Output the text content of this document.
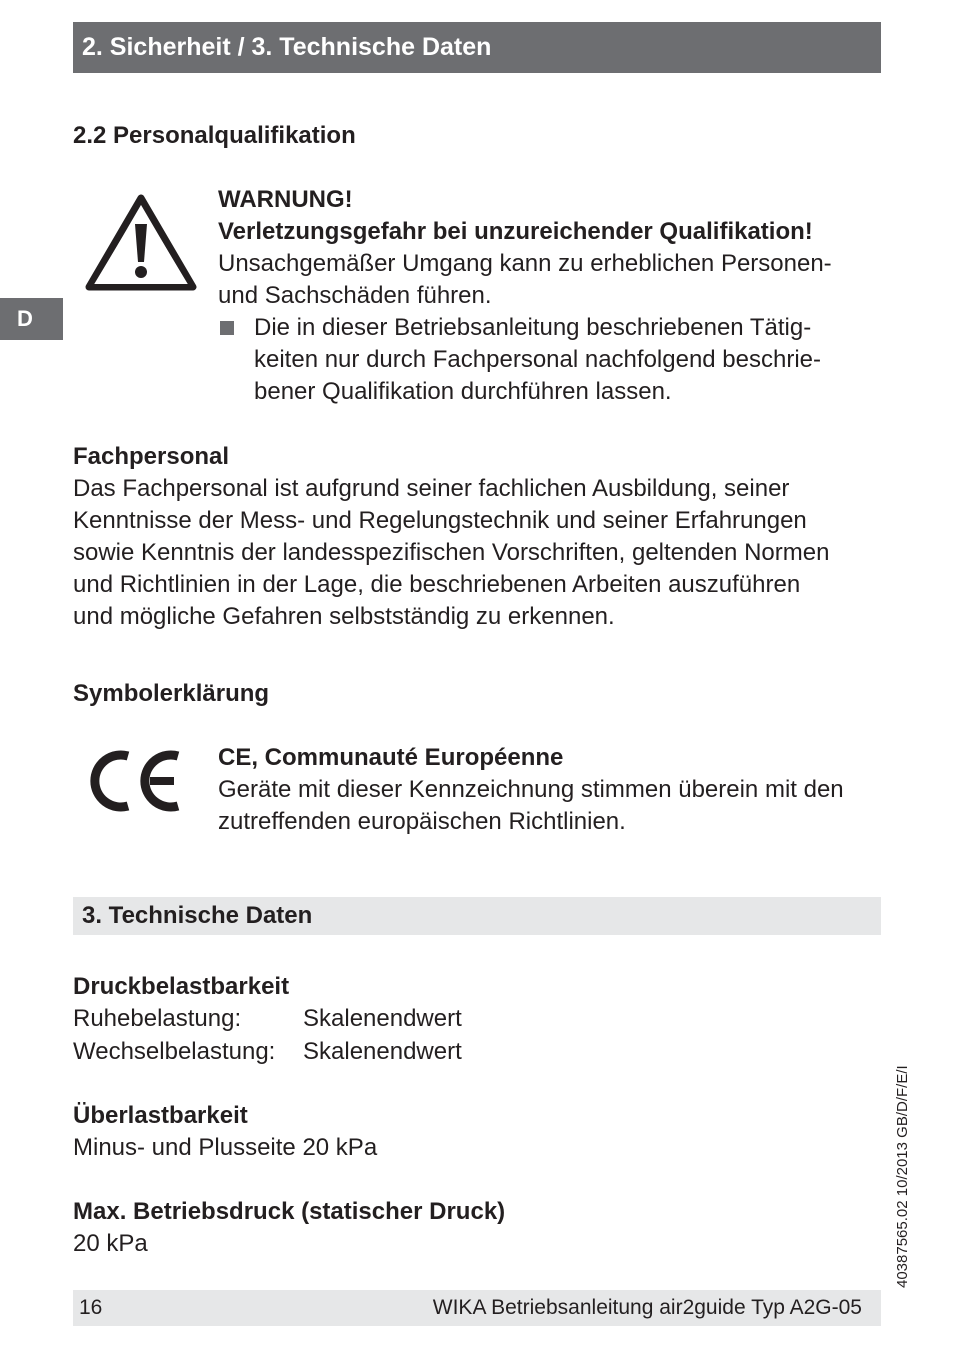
2. Sicherheit / 3. Technische Daten
D
2.2 Personalqualifikation
WARNUNG!
Verletzungsgefahr bei unzureichender Qualifikation!
Unsachgemäßer Umgang kann zu erheblichen Personen-
und Sachschäden führen.
Die in dieser Betriebsanleitung beschriebenen Tätig-
keiten nur durch Fachpersonal nachfolgend beschrie-
bener Qualifikation durchführen lassen.
Fachpersonal
Das Fachpersonal ist aufgrund seiner fachlichen Ausbildung, seiner
Kenntnisse der Mess- und Regelungstechnik und seiner Erfahrungen
sowie Kenntnis der landesspezifischen Vorschriften, geltenden Normen
und Richtlinien in der Lage, die beschriebenen Arbeiten auszuführen
und mögliche Gefahren selbstständig zu erkennen.
Symbolerklärung
CE, Communauté Européenne
Geräte mit dieser Kennzeichnung stimmen überein mit den
zutreffenden europäischen Richtlinien.
3. Technische Daten
Druckbelastbarkeit
Ruhebelastung:	Skalenendwert
Wechselbelastung: Skalenendwert
Überlastbarkeit
Minus- und Plusseite 20 kPa
Max. Betriebsdruck (statischer Druck)
20 kPa	40387565.02 10/2013 GB/D/F/E/I
16	WIKA Betriebsanleitung air2guide Typ A2G-05
